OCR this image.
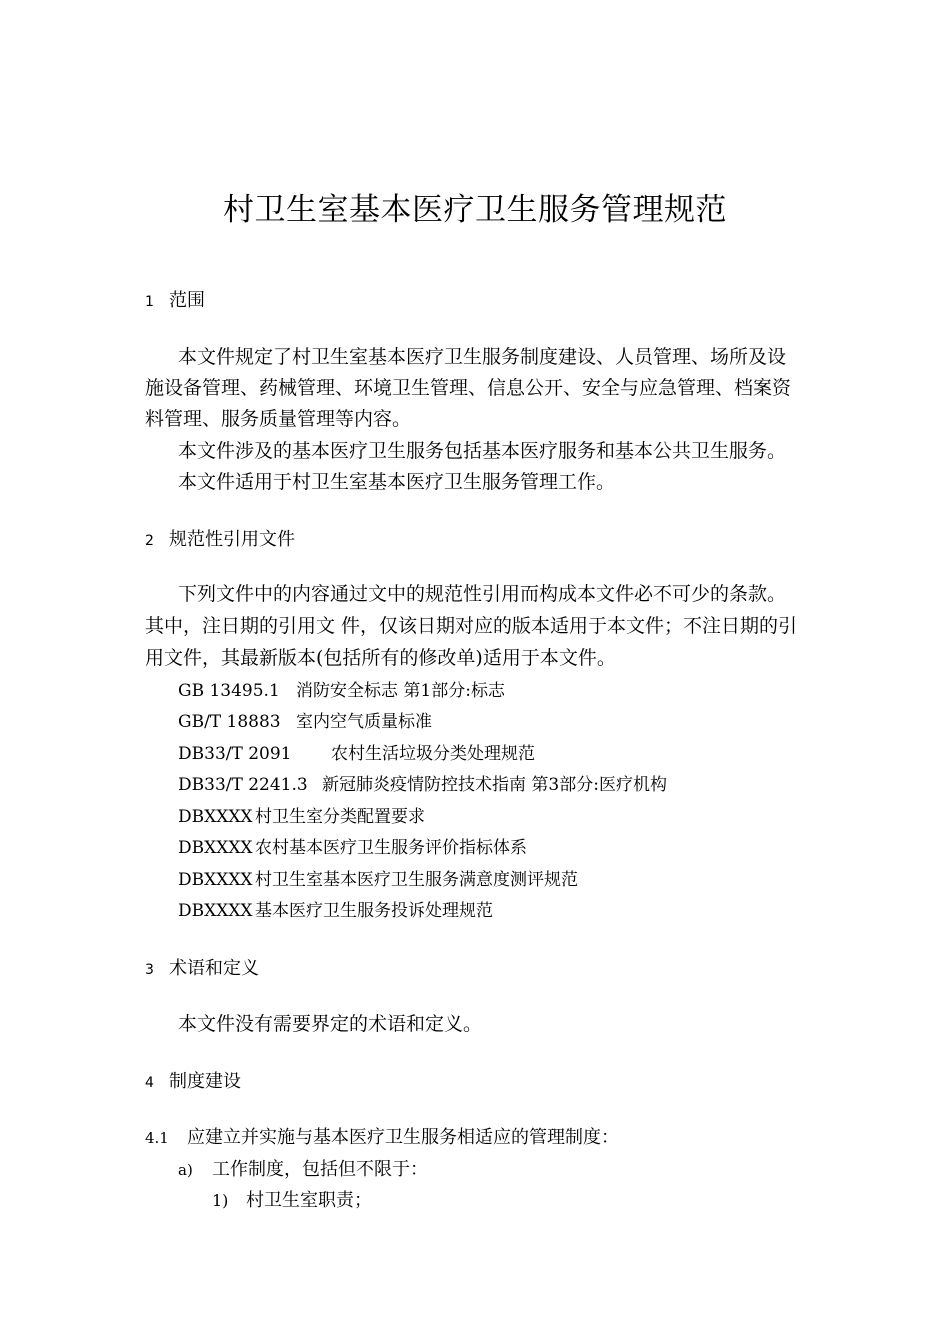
村卫生室基本医疗卫生服务管理规范
1 范围
本文件规定了村卫生室基本医疗卫生服务制度建设、人员管理、场所及设
施设备管理、药械管理、环境卫生管理、信息公开、安全与应急管理、档案资
料管理、服务质量管理等内容。
本文件涉及的基本医疗卫生服务包括基本医疗服务和基本公共卫生服务。
本文件适用于村卫生室基本医疗卫生服务管理工作。
2 规范性引用文件
下列文件中的内容通过文中的规范性引用而构成本文件必不可少的条款。
其中，注日期的引用文 件，仅该日期对应的版本适用于本文件；不注日期的引
用文件，其最新版本(包括所有的修改单)适用于本文件。
GB 13495.1 消防安全标志 第1部分:标志
GB/T 18883 室内空气质量标准
DB33/T 2091 农村生活垃圾分类处理规范
DB33/T 2241.3 新冠肺炎疫情防控技术指南 第3部分:医疗机构
DBXXXX 村卫生室分类配置要求
DBXXXX 农村基本医疗卫生服务评价指标体系
DBXXXX 村卫生室基本医疗卫生服务满意度测评规范
DBXXXX 基本医疗卫生服务投诉处理规范
3 术语和定义
本文件没有需要界定的术语和定义。
4 制度建设
4.1 应建立并实施与基本医疗卫生服务相适应的管理制度：
a) 工作制度，包括但不限于：
1) 村卫生室职责；
